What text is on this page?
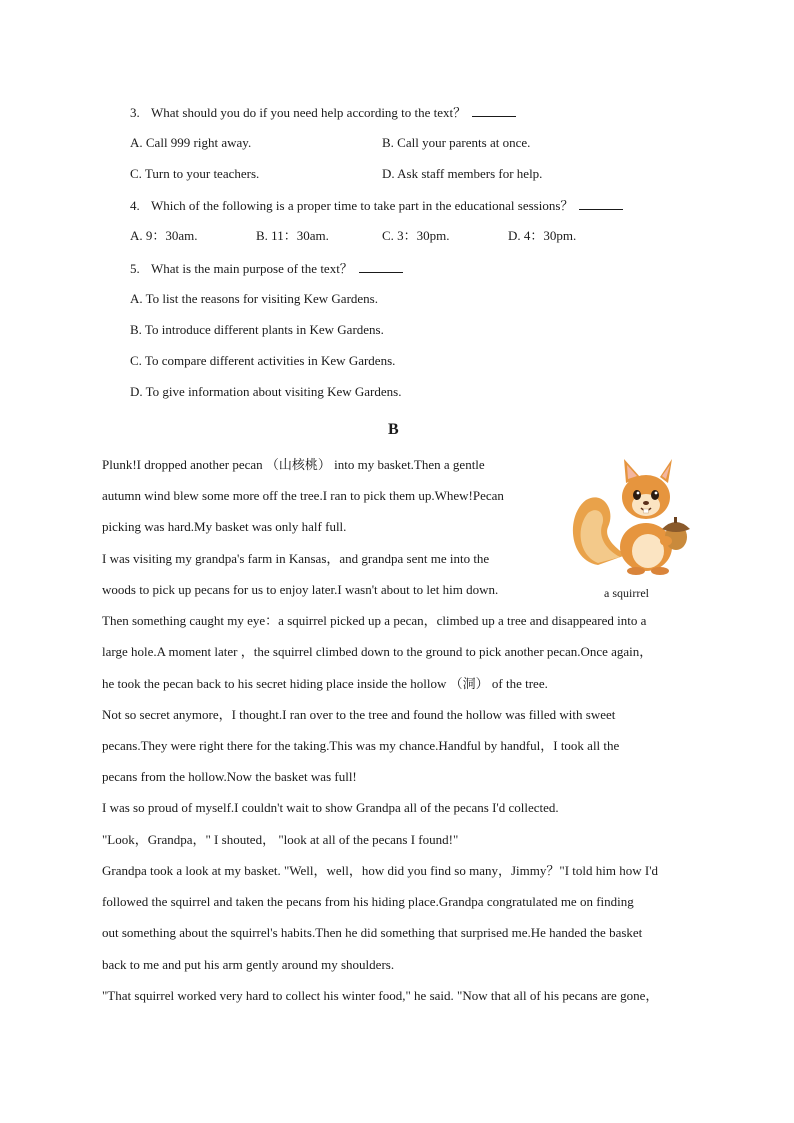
3. What should you do if you need help according to the text？
A. Call 999 right away.	B. Call your parents at once.
C. Turn to your teachers.	D. Ask staff members for help.
4. Which of the following is a proper time to take part in the educational sessions？
A. 9：30am.	B. 11：30am.	C. 3：30pm.	D. 4：30pm.
5. What is the main purpose of the text？
A. To list the reasons for visiting Kew Gardens.
B. To introduce different plants in Kew Gardens.
C. To compare different activities in Kew Gardens.
D. To give information about visiting Kew Gardens.
B
a squirrel
Plunk!I dropped another pecan （山核桃） into my basket.Then a gentle
autumn wind blew some more off the tree.I ran to pick them up.Whew!Pecan
picking was hard.My basket was only half full.
I was visiting my grandpa's farm in Kansas，and grandpa sent me into the
woods to pick up pecans for us to enjoy later.I wasn't about to let him down.
Then something caught my eye：a squirrel picked up a pecan，climbed up a tree and disappeared into a
large hole.A moment later ，the squirrel climbed down to the ground to pick another pecan.Once again，
he took the pecan back to his secret hiding place inside the hollow （洞） of the tree.
Not so secret anymore，I thought.I ran over to the tree and found the hollow was filled with sweet
pecans.They were right there for the taking.This was my chance.Handful by handful，I took all the
pecans from the hollow.Now the basket was full!
I was so proud of myself.I couldn't wait to show Grandpa all of the pecans I'd collected.
"Look，Grandpa，" I shouted， "look at all of the pecans I found!"
Grandpa took a look at my basket. "Well，well，how did you find so many，Jimmy？"I told him how I'd
followed the squirrel and taken the pecans from his hiding place.Grandpa congratulated me on finding
out something about the squirrel's habits.Then he did something that surprised me.He handed the basket
back to me and put his arm gently around my shoulders.
"That squirrel worked very hard to collect his winter food," he said. "Now that all of his pecans are gone，
